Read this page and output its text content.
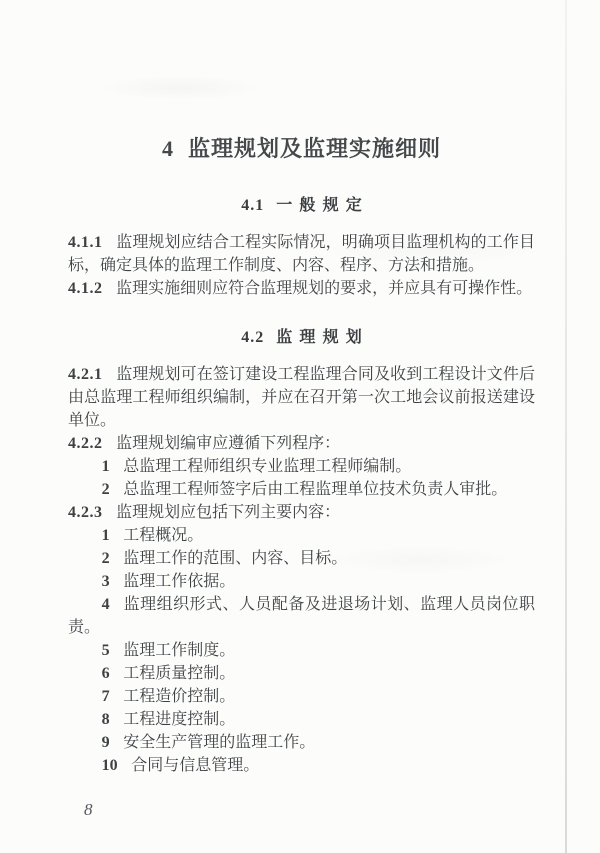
4 监理规划及监理实施细则
4.1 一般规定

4.1.1 监理规划应结合工程实际情况，明确项目监理机构的工作目标，确定具体的监理工作制度、内容、程序、方法和措施。

4.1.2 监理实施细则应符合监理规划的要求，并应具有可操作性。

4.2 监理规划

4.2.1 监理规划可在签订建设工程监理合同及收到工程设计文件后由总监理工程师组织编制，并应在召开第一次工地会议前报送建设单位。

4.2.2 监理规划编审应遵循下列程序：

1 总监理工程师组织专业监理工程师编制。

2 总监理工程师签字后由工程监理单位技术负责人审批。

4.2.3 监理规划应包括下列主要内容：

1 工程概况。

2 监理工作的范围、内容、目标。

3 监理工作依据。

4 监理组织形式、人员配备及进退场计划、监理人员岗位职责。

5 监理工作制度。

6 工程质量控制。

7 工程造价控制。

8 工程进度控制。

9 安全生产管理的监理工作。

10 合同与信息管理。

8
